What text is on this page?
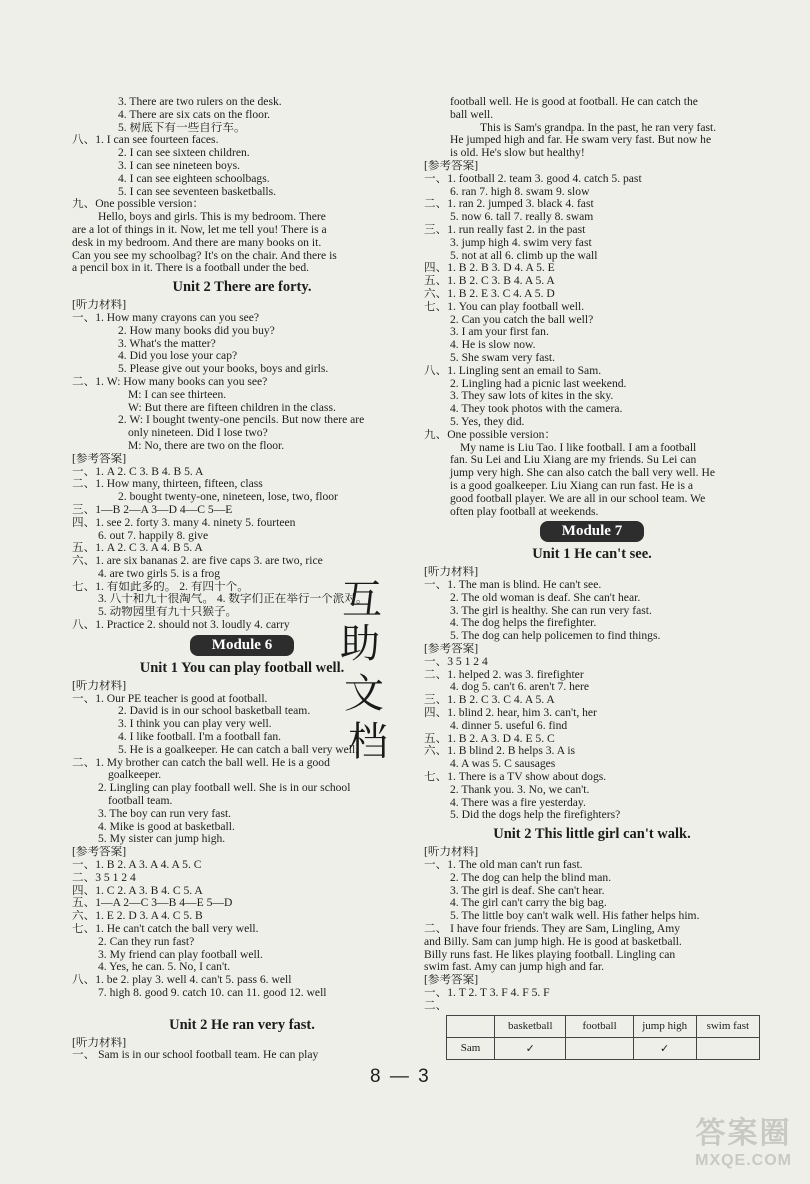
3. There are two rulers on the desk.
4. There are six cats on the floor.
5. 树底下有一些自行车。
八、1. I can see fourteen faces.
2. I can see sixteen children.
3. I can see nineteen boys.
4. I can see eighteen schoolbags.
5. I can see seventeen basketballs.
九、One possible version：
Hello, boys and girls. This is my bedroom. There
are a lot of things in it. Now, let me tell you! There is a
desk in my bedroom. And there are many books on it.
Can you see my schoolbag? It's on the chair. And there is
a pencil box in it. There is a football under the bed.
Unit 2 There are forty.
[听力材料]
一、1. How many crayons can you see?
2. How many books did you buy?
3. What's the matter?
4. Did you lose your cap?
5. Please give out your books, boys and girls.
二、1. W: How many books can you see?
M: I can see thirteen.
W: But there are fifteen children in the class.
2. W: I bought twenty-one pencils. But now there are
only nineteen. Did I lose two?
M: No, there are two on the floor.
[参考答案]
一、1. A 2. C 3. B 4. B 5. A
二、1. How many, thirteen, fifteen, class
2. bought twenty-one, nineteen, lose, two, floor
三、1—B 2—A 3—D 4—C 5—E
四、1. see 2. forty 3. many 4. ninety 5. fourteen
6. out 7. happily 8. give
五、1. A 2. C 3. A 4. B 5. A
六、1. are six bananas 2. are five caps 3. are two, rice
4. are two girls 5. is a frog
七、1. 有如此多的。 2. 有四十个。
3. 八十和九十很淘气。 4. 数字们正在举行一个派对。
5. 动物园里有九十只猴子。
八、1. Practice 2. should not 3. loudly 4. carry
Module 6
Unit 1 You can play football well.
[听力材料]
一、1. Our PE teacher is good at football.
2. David is in our school basketball team.
3. I think you can play very well.
4. I like football. I'm a football fan.
5. He is a goalkeeper. He can catch a ball very well.
二、1. My brother can catch the ball well. He is a good
goalkeeper.
2. Lingling can play football well. She is in our school
football team.
3. The boy can run very fast.
4. Mike is good at basketball.
5. My sister can jump high.
[参考答案]
一、1. B 2. A 3. A 4. A 5. C
二、3 5 1 2 4
四、1. C 2. A 3. B 4. C 5. A
五、1—A 2—C 3—B 4—E 5—D
六、1. E 2. D 3. A 4. C 5. B
七、1. He can't catch the ball very well.
2. Can they run fast?
3. My friend can play football well.
4. Yes, he can. 5. No, I can't.
八、1. be 2. play 3. well 4. can't 5. pass 6. well
7. high 8. good 9. catch 10. can 11. good 12. well

Unit 2 He ran very fast.
[听力材料]
一、 Sam is in our school football team. He can play
football well. He is good at football. He can catch the
ball well.
This is Sam's grandpa. In the past, he ran very fast.
He jumped high and far. He swam very fast. But now he
is old. He's slow but healthy!
[参考答案]
一、1. football 2. team 3. good 4. catch 5. past
6. ran 7. high 8. swam 9. slow
二、1. ran 2. jumped 3. black 4. fast
5. now 6. tall 7. really 8. swam
三、1. run really fast 2. in the past
3. jump high 4. swim very fast
5. not at all 6. climb up the wall
四、1. B 2. B 3. D 4. A 5. E
五、1. B 2. C 3. B 4. A 5. A
六、1. B 2. E 3. C 4. A 5. D
七、1. You can play football well.
2. Can you catch the ball well?
3. I am your first fan.
4. He is slow now.
5. She swam very fast.
八、1. Lingling sent an email to Sam.
2. Lingling had a picnic last weekend.
3. They saw lots of kites in the sky.
4. They took photos with the camera.
5. Yes, they did.
九、One possible version：
My name is Liu Tao. I like football. I am a football
fan. Su Lei and Liu Xiang are my friends. Su Lei can
jump very high. She can also catch the ball very well. He
is a good goalkeeper. Liu Xiang can run fast. He is a
good football player. We are all in our school team. We
often play football at weekends.
Module 7
Unit 1 He can't see.
[听力材料]
一、1. The man is blind. He can't see.
2. The old woman is deaf. She can't hear.
3. The girl is healthy. She can run very fast.
4. The dog helps the firefighter.
5. The dog can help policemen to find things.
[参考答案]
一、3 5 1 2 4
二、1. helped 2. was 3. firefighter
4. dog 5. can't 6. aren't 7. here
三、1. B 2. C 3. C 4. A 5. A
四、1. blind 2. hear, him 3. can't, her
4. dinner 5. useful 6. find
五、1. B 2. A 3. D 4. E 5. C
六、1. B blind 2. B helps 3. A is
4. A was 5. C sausages
七、1. There is a TV show about dogs.
2. Thank you. 3. No, we can't.
4. There was a fire yesterday.
5. Did the dogs help the firefighters?
Unit 2 This little girl can't walk.
[听力材料]
一、1. The old man can't run fast.
2. The dog can help the blind man.
3. The girl is deaf. She can't hear.
4. The girl can't carry the big bag.
5. The little boy can't walk well. His father helps him.
二、 I have four friends. They are Sam, Lingling, Amy
and Billy. Sam can jump high. He is good at basketball.
Billy runs fast. He likes playing football. Lingling can
swim fast. Amy can jump high and far.
[参考答案]
一、1. T 2. T 3. F 4. F 5. F
二、
	basketball	football	jump high	swim fast
Sam	✓		✓	
互
助
文
档
8 — 3
答案圈
MXQE.COM
